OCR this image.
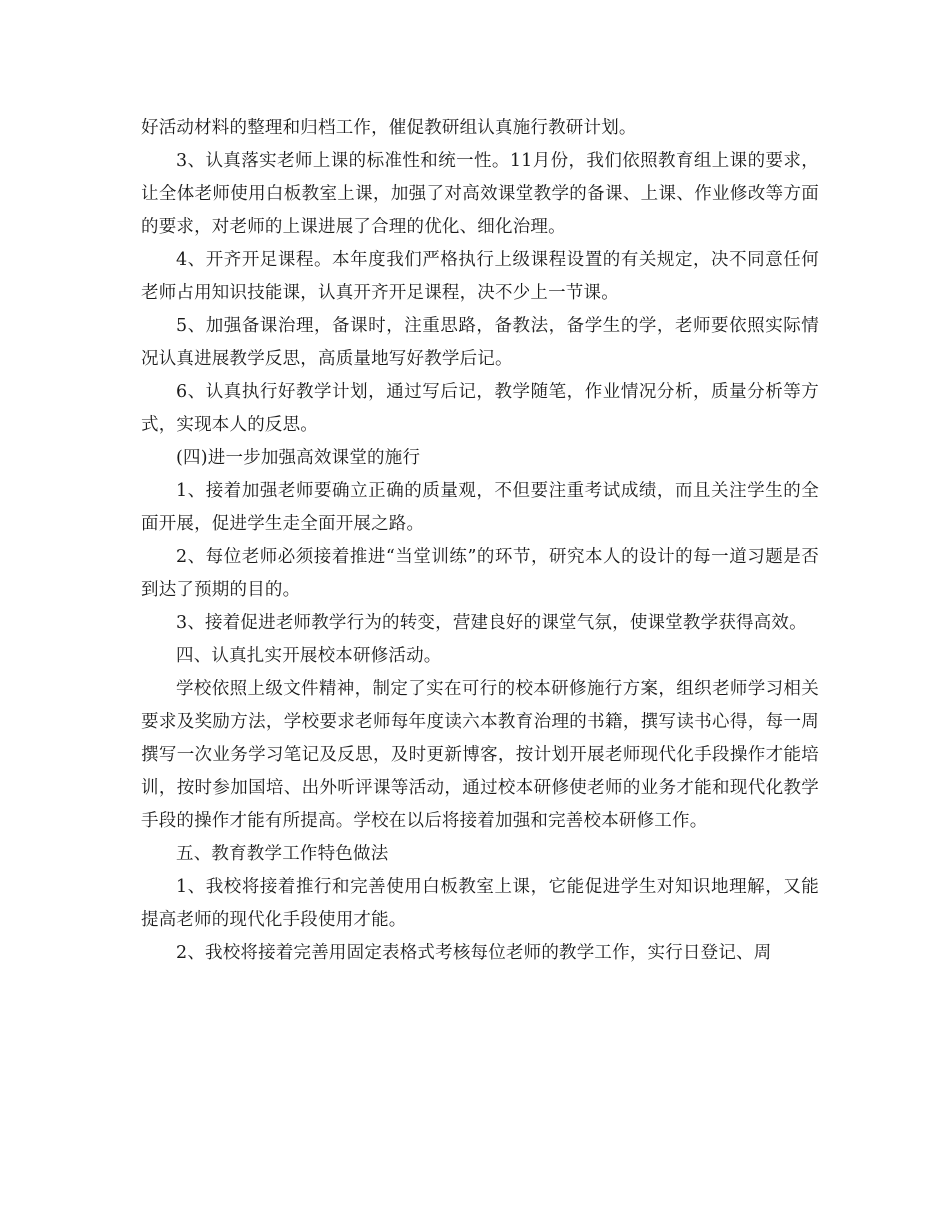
好活动材料的整理和归档工作，催促教研组认真施行教研计划。

3、认真落实老师上课的标准性和统一性。11月份，我们依照教育组上课的要求，让全体老师使用白板教室上课，加强了对高效课堂教学的备课、上课、作业修改等方面的要求，对老师的上课进展了合理的优化、细化治理。

4、开齐开足课程。本年度我们严格执行上级课程设置的有关规定，决不同意任何老师占用知识技能课，认真开齐开足课程，决不少上一节课。

5、加强备课治理，备课时，注重思路，备教法，备学生的学，老师要依照实际情况认真进展教学反思，高质量地写好教学后记。

6、认真执行好教学计划，通过写后记，教学随笔，作业情况分析，质量分析等方式，实现本人的反思。

(四)进一步加强高效课堂的施行

1、接着加强老师要确立正确的质量观，不但要注重考试成绩，而且关注学生的全面开展，促进学生走全面开展之路。

2、每位老师必须接着推进“当堂训练”的环节，研究本人的设计的每一道习题是否到达了预期的目的。

3、接着促进老师教学行为的转变，营建良好的课堂气氛，使课堂教学获得高效。

四、认真扎实开展校本研修活动。

学校依照上级文件精神，制定了实在可行的校本研修施行方案，组织老师学习相关要求及奖励方法，学校要求老师每年度读六本教育治理的书籍，撰写读书心得，每一周撰写一次业务学习笔记及反思，及时更新博客，按计划开展老师现代化手段操作才能培训，按时参加国培、出外听评课等活动，通过校本研修使老师的业务才能和现代化教学手段的操作才能有所提高。学校在以后将接着加强和完善校本研修工作。

五、教育教学工作特色做法

1、我校将接着推行和完善使用白板教室上课，它能促进学生对知识地理解，又能提高老师的现代化手段使用才能。

2、我校将接着完善用固定表格式考核每位老师的教学工作，实行日登记、周
